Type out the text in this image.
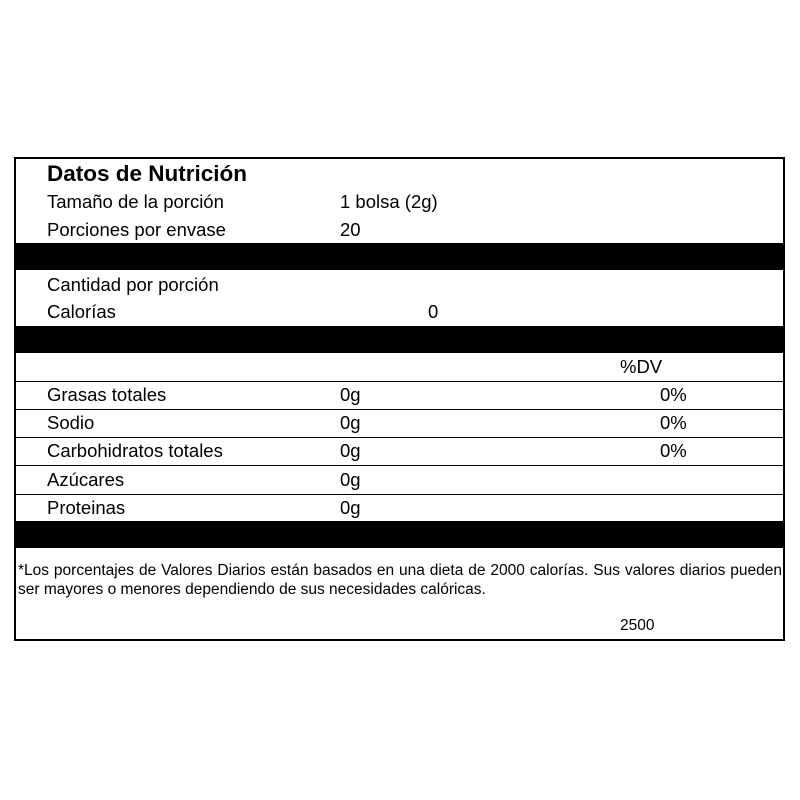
Datos de Nutrición
Tamaño de la porción	1 bolsa (2g)
Porciones por envase	20
Cantidad por porción
Calorías	0
%DV
Grasas totales	0g	0%
Sodio	0g	0%
Carbohidratos totales	0g	0%
Azúcares	0g
Proteinas	0g
*Los porcentajes de Valores Diarios están basados en una dieta de 2000 calorías. Sus valores diarios pueden ser mayores o menores dependiendo de sus necesidades calóricas.
2500
